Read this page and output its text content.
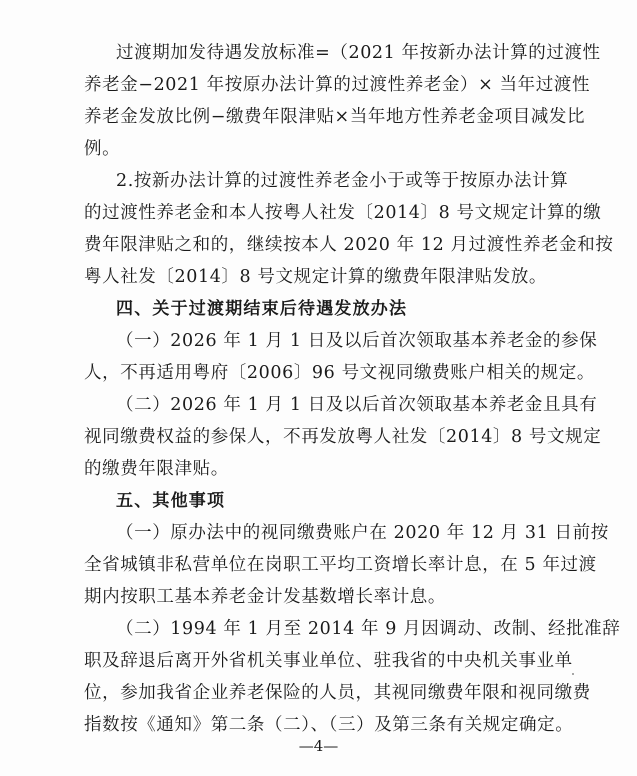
过渡期加发待遇发放标准=（2021 年按新办法计算的过渡性
养老金−2021 年按原办法计算的过渡性养老金）× 当年过渡性
养老金发放比例−缴费年限津贴×当年地方性养老金项目减发比
例。
2.按新办法计算的过渡性养老金小于或等于按原办法计算
的过渡性养老金和本人按粤人社发〔2014〕8 号文规定计算的缴
费年限津贴之和的，继续按本人 2020 年 12 月过渡性养老金和按
粤人社发〔2014〕8 号文规定计算的缴费年限津贴发放。
四、关于过渡期结束后待遇发放办法
（一）2026 年 1 月 1 日及以后首次领取基本养老金的参保
人，不再适用粤府〔2006〕96 号文视同缴费账户相关的规定。
（二）2026 年 1 月 1 日及以后首次领取基本养老金且具有
视同缴费权益的参保人，不再发放粤人社发〔2014〕8 号文规定
的缴费年限津贴。
五、其他事项
（一）原办法中的视同缴费账户在 2020 年 12 月 31 日前按
全省城镇非私营单位在岗职工平均工资增长率计息，在 5 年过渡
期内按职工基本养老金计发基数增长率计息。
（二）1994 年 1 月至 2014 年 9 月因调动、改制、经批准辞
职及辞退后离开外省机关事业单位、驻我省的中央机关事业单
位，参加我省企业养老保险的人员，其视同缴费年限和视同缴费
指数按《通知》第二条（二）、（三）及第三条有关规定确定。
—4—
